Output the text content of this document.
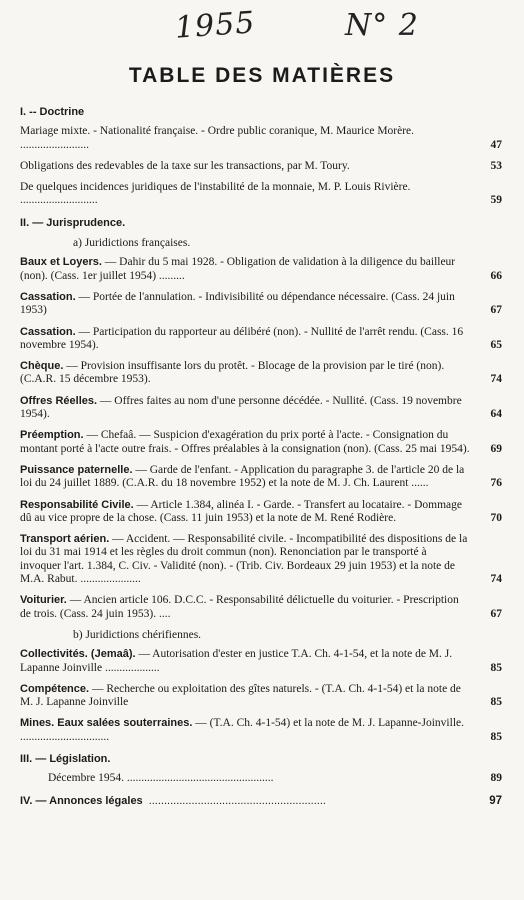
1955	N° 2
TABLE DES MATIÈRES
I. -- Doctrine
Mariage mixte. - Nationalité française. - Ordre public coranique, M. Maurice Morère. ........................	47
Obligations des redevables de la taxe sur les transactions, par M. Toury.	53
De quelques incidences juridiques de l'instabilité de la monnaie, M. P. Louis Rivière. ...........................	59
II. — Jurisprudence.
a) Juridictions françaises.
Baux et Loyers. — Dahir du 5 mai 1928. - Obligation de validation à la diligence du bailleur (non). (Cass. 1er juillet 1954) .........	66
Cassation. — Portée de l'annulation. - Indivisibilité ou dépendance nécessaire. (Cass. 24 juin 1953)	67
Cassation. — Participation du rapporteur au délibéré (non). - Nullité de l'arrêt rendu. (Cass. 16 novembre 1954).	65
Chèque. — Provision insuffisante lors du protêt. - Blocage de la provision par le tiré (non). (C.A.R. 15 décembre 1953).	74
Offres Réelles. — Offres faites au nom d'une personne décédée. - Nullité. (Cass. 19 novembre 1954).	64
Préemption. — Chefaâ. — Suspicion d'exagération du prix porté à l'acte. - Consignation du montant porté à l'acte outre frais. - Offres préalables à la consignation (non). (Cass. 25 mai 1954).	69
Puissance paternelle. — Garde de l'enfant. - Application du paragraphe 3. de l'article 20 de la loi du 24 juillet 1889. (C.A.R. du 18 novembre 1952) et la note de M. J. Ch. Laurent ......	76
Responsabilité Civile. — Article 1.384, alinéa I. - Garde. - Transfert au locataire. - Dommage dû au vice propre de la chose. (Cass. 11 juin 1953) et la note de M. René Rodière.	70
Transport aérien. — Accident. — Responsabilité civile. - Incompatibilité des dispositions de la loi du 31 mai 1914 et les règles du droit commun (non). Renonciation par le transporté à invoquer l'art. 1.384, C. Civ. - Validité (non). - (Trib. Civ. Bordeaux 29 juin 1953) et la note de M.A. Rabut. .....................	74
Voiturier. — Ancien article 106. D.C.C. - Responsabilité délictuelle du voiturier. - Prescription de trois. (Cass. 24 juin 1953). ....	67
b) Juridictions chérifiennes.
Collectivités. (Jemaâ). — Autorisation d'ester en justice T.A. Ch. 4-1-54, et la note de M. J. Lapanne Joinville ...................	85
Compétence. — Recherche ou exploitation des gîtes naturels. - (T.A. Ch. 4-1-54) et la note de M. J. Lapanne Joinville	85
Mines. Eaux salées souterraines. — (T.A. Ch. 4-1-54) et la note de M. J. Lapanne-Joinville. ...............................	85
III. — Législation.
Décembre 1954. ...................................................	89
IV. — Annonces légales ..........................................................	97
